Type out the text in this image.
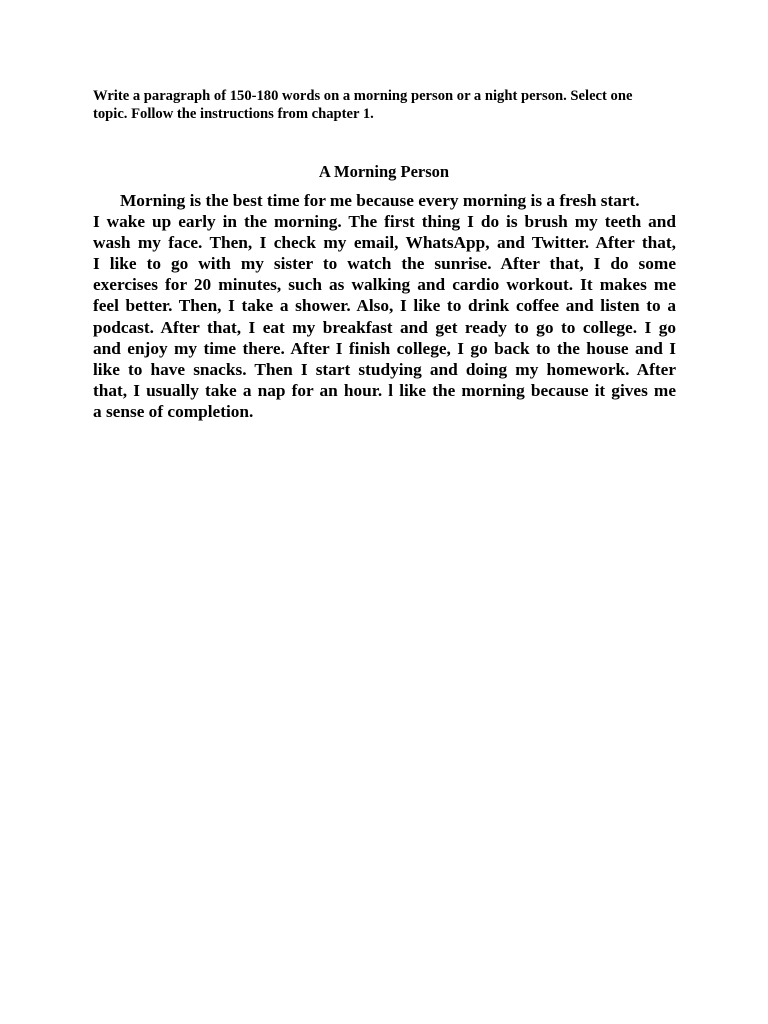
Write a paragraph of 150-180 words on a morning person or a night person. Select one
topic. Follow the instructions from chapter 1.
A Morning Person
Morning is the best time for me because every morning is a fresh start.
I wake up early in the morning. The first thing I do is brush my teeth and
wash my face. Then, I check my email, WhatsApp, and Twitter. After that,
I like to go with my sister to watch the sunrise. After that, I do some
exercises for 20 minutes, such as walking and cardio workout. It makes me
feel better. Then, I take a shower. Also, I like to drink coffee and listen to a
podcast. After that, I eat my breakfast and get ready to go to college. I go
and enjoy my time there. After I finish college, I go back to the house and I
like to have snacks. Then I start studying and doing my homework. After
that, I usually take a nap for an hour. l like the morning because it gives me
a sense of completion.
